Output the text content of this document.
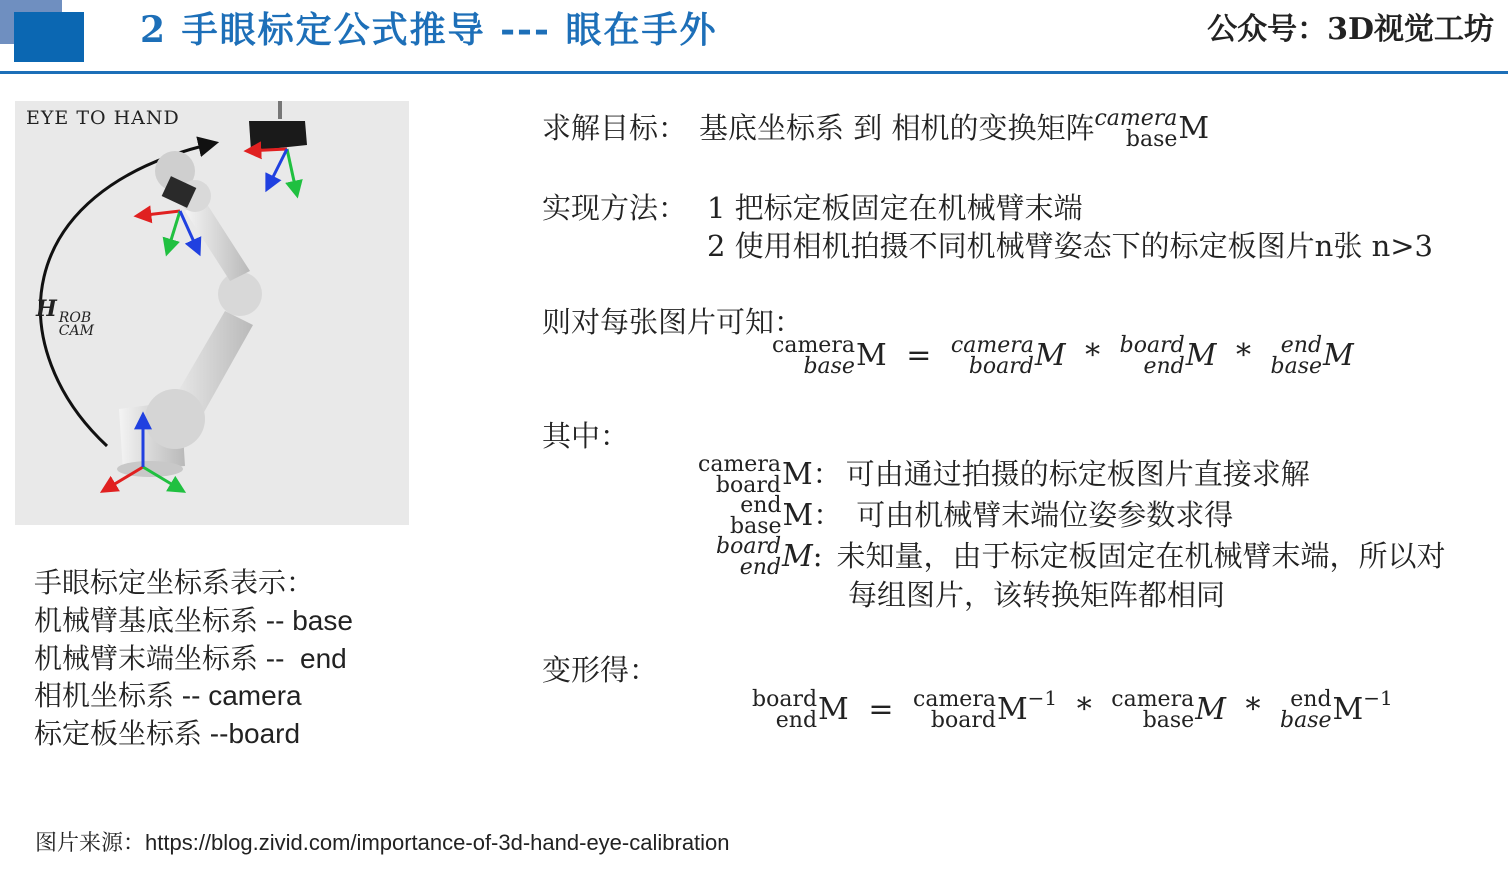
2 手眼标定公式推导 --- 眼在手外	公众号：3D视觉工坊
EYE TO HAND
H ROB
CAM
手眼标定坐标系表示：
机械臂基底坐标系 -- base
机械臂末端坐标系 --  end
相机坐标系 -- camera
标定板坐标系 --board
求解目标： 基底坐标系 到 相机的变换矩阵 camera
base M
实现方法： 1 把标定板固定在机械臂末端
2 使用相机拍摄不同机械臂姿态下的标定板图片n张 n>3
则对每张图片可知：
camera
base M = camera
board M * board
end M * end
base M
其中：
camera
board M： 可由通过拍摄的标定板图片直接求解
end
base M： 可由机械臂末端位姿参数求得
board
end M: 未知量，由于标定板固定在机械臂末端，所以对
每组图片，该转换矩阵都相同
变形得：
board
end M = camera
board $M^{-1}$ * camera
base M * end
base $M^{-1}$
图片来源：https://blog.zivid.com/importance-of-3d-hand-eye-calibration
